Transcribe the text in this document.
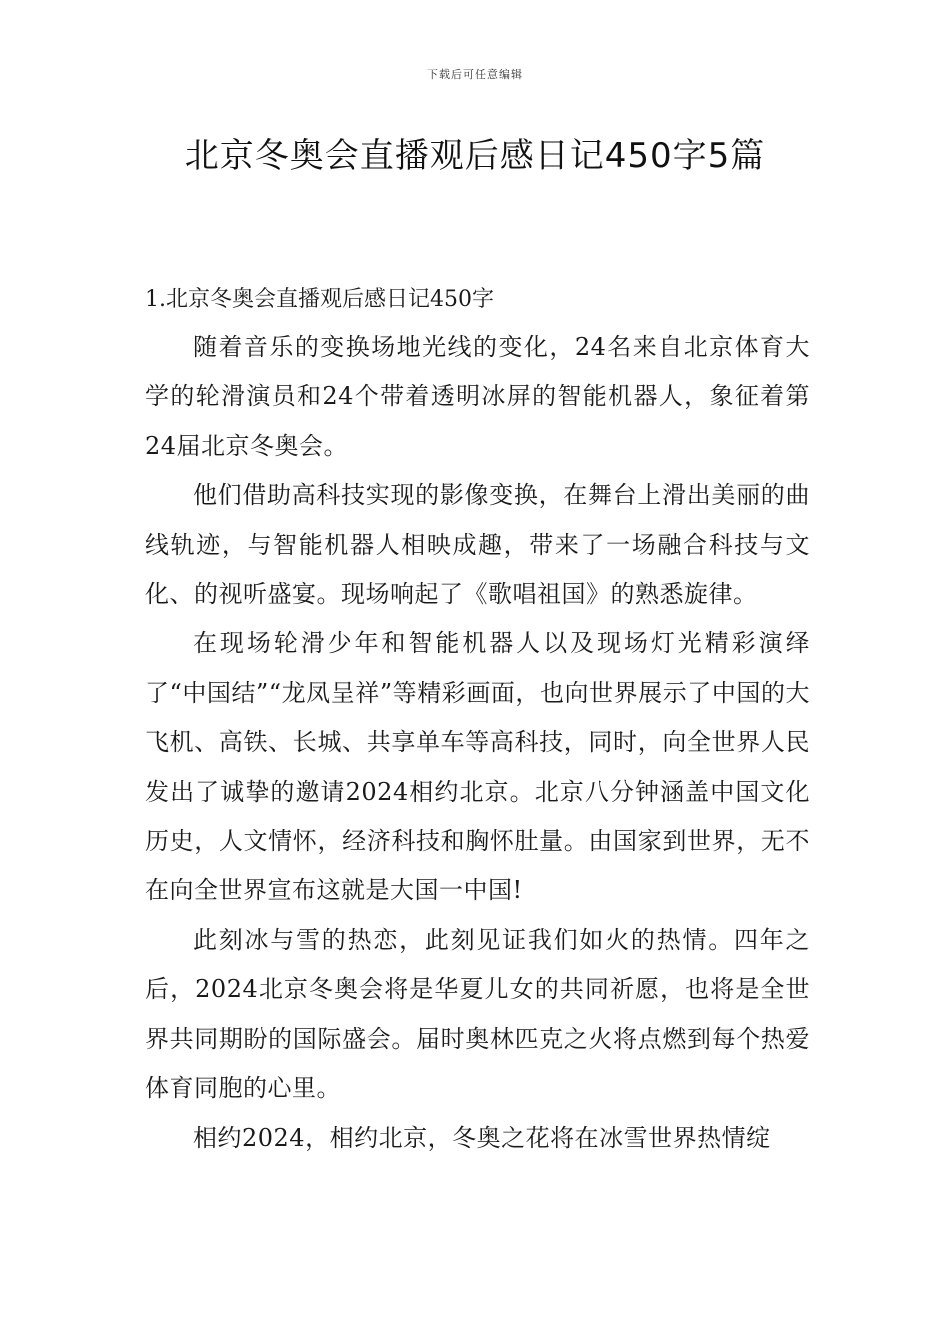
下载后可任意编辑
北京冬奥会直播观后感日记450字5篇
1.北京冬奥会直播观后感日记450字

随着音乐的变换场地光线的变化，24名来自北京体育大学的轮滑演员和24个带着透明冰屏的智能机器人，象征着第24届北京冬奥会。

他们借助高科技实现的影像变换，在舞台上滑出美丽的曲线轨迹，与智能机器人相映成趣，带来了一场融合科技与文化、的视听盛宴。现场响起了《歌唱祖国》的熟悉旋律。

在现场轮滑少年和智能机器人以及现场灯光精彩演绎了“中国结”“龙凤呈祥”等精彩画面，也向世界展示了中国的大飞机、高铁、长城、共享单车等高科技，同时，向全世界人民发出了诚挚的邀请2024相约北京。北京八分钟涵盖中国文化历史，人文情怀，经济科技和胸怀肚量。由国家到世界，无不在向全世界宣布这就是大国一中国!

此刻冰与雪的热恋，此刻见证我们如火的热情。四年之后，2024北京冬奥会将是华夏儿女的共同祈愿，也将是全世界共同期盼的国际盛会。届时奥林匹克之火将点燃到每个热爱体育同胞的心里。

相约2024，相约北京，冬奥之花将在冰雪世界热情绽
